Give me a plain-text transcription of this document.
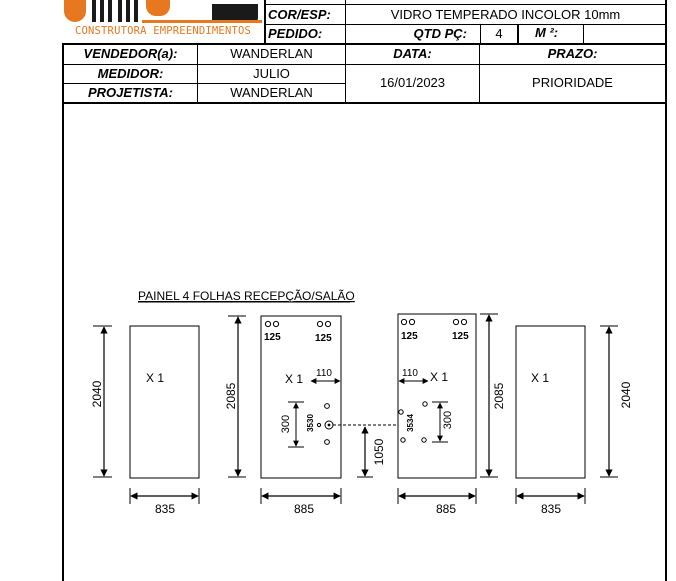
CONSTRUTORA EMPREENDIMENTOS
COR/ESP:	VIDRO TEMPERADO INCOLOR 10mm
PEDIDO:	QTD PÇ:	4	M ²:
VENDEDOR(a):	WANDERLAN	DATA:	PRAZO:
MEDIDOR:	JULIO
16/01/2023	PRIORIDADE
PROJETISTA:	WANDERLAN
PAINEL 4 FOLHAS RECEPÇÃO/SALÃO
2040
X 1
835
2085
125	125
X 1 110
300 3530
885
1050
125	125
110 X 1
3534 300
2085
885
X 1
2040
835
